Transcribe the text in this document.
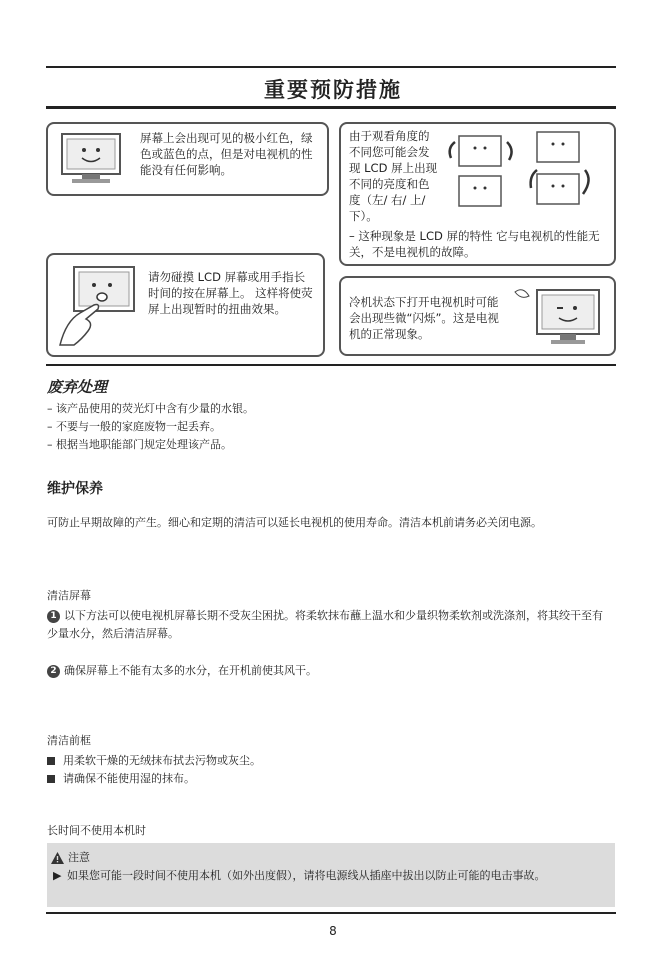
重要预防措施
屏幕上会出现可见的极小红色，绿色或蓝色的点，但是对电视机的性能没有任何影响。
由于观看角度的不同您可能会发现 LCD 屏上出现不同的亮度和色度（左/ 右/ 上/ 下）。
– 这种现象是 LCD 屏的特性 它与电视机的性能无关，不是电视机的故障。
请勿碰摸 LCD 屏幕或用手指长时间的按在屏幕上。 这样将使荧屏上出现暂时的扭曲效果。	冷机状态下打开电视机时可能会出现些微“闪烁”。这是电视机的正常现象。
废弃处理
– 该产品使用的荧光灯中含有少量的水银。
– 不要与一般的家庭废物一起丢弃。
– 根据当地职能部门规定处理该产品。
维护保养
可防止早期故障的产生。细心和定期的清洁可以延长电视机的使用寿命。清洁本机前请务必关闭电源。
清洁屏幕
1 以下方法可以使电视机屏幕长期不受灰尘困扰。将柔软抹布蘸上温水和少量织物柔软剂或洗涤剂，将其绞干至有少量水分，然后清洁屏幕。
2 确保屏幕上不能有太多的水分，在开机前使其风干。
清洁前框
用柔软干燥的无绒抹布拭去污物或灰尘。
请确保不能使用湿的抹布。
长时间不使用本机时
注意
▶ 如果您可能一段时间不使用本机（如外出度假），请将电源线从插座中拔出以防止可能的电击事故。
8
